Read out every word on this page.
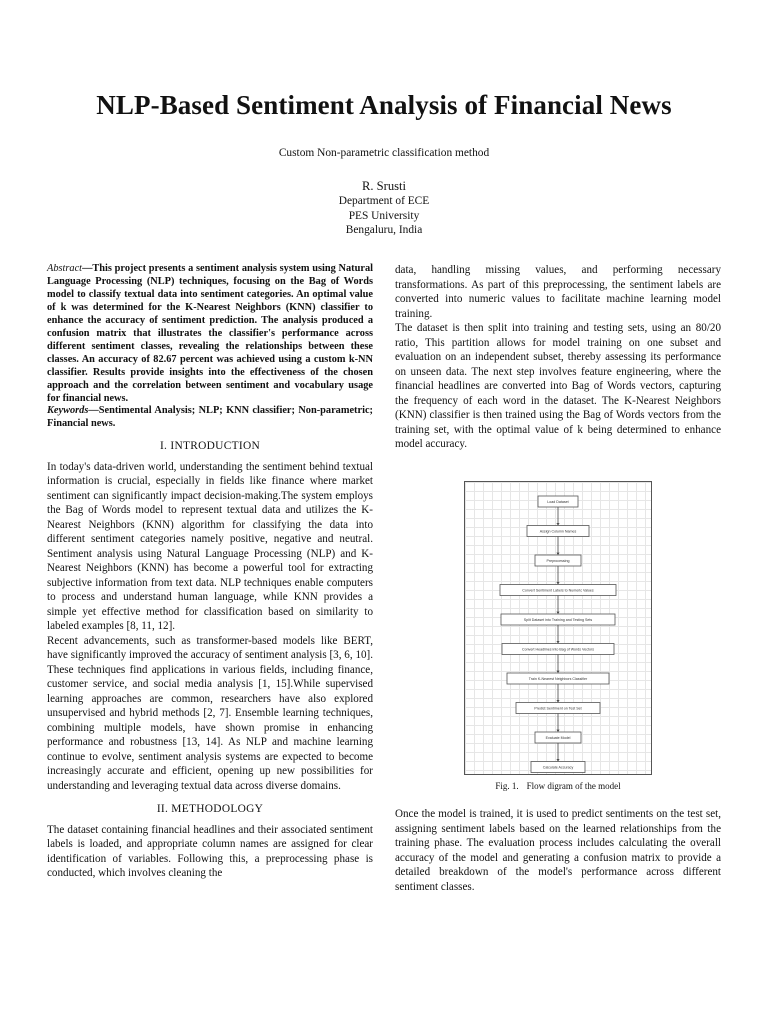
NLP-Based Sentiment Analysis of Financial News
Custom Non-parametric classification method
R. Srusti
Department of ECE
PES University
Bengaluru, India

Abstract—This project presents a sentiment analysis system using Natural Language Processing (NLP) techniques, focusing on the Bag of Words model to classify textual data into sentiment categories. An optimal value of k was determined for the K-Nearest Neighbors (KNN) classifier to enhance the accuracy of sentiment prediction. The analysis produced a confusion matrix that illustrates the classifier's performance across different sentiment classes, revealing the relationships between these classes. An accuracy of 82.67 percent was achieved using a custom k-NN classifier. Results provide insights into the effectiveness of the chosen approach and the correlation between sentiment and vocabulary usage for financial news.

Keywords—Sentimental Analysis; NLP; KNN classifier; Non-parametric; Financial news.

I. INTRODUCTION

In today's data-driven world, understanding the sentiment behind textual information is crucial, especially in fields like finance where market sentiment can significantly impact decision-making.The system employs the Bag of Words model to represent textual data and utilizes the K-Nearest Neighbors (KNN) algorithm for classifying the data into different sentiment categories namely positive, negative and neutral. Sentiment analysis using Natural Language Processing (NLP) and K-Nearest Neighbors (KNN) has become a powerful tool for extracting subjective information from text data. NLP techniques enable computers to process and understand human language, while KNN provides a simple yet effective method for classification based on similarity to labeled examples [8, 11, 12].

Recent advancements, such as transformer-based models like BERT, have significantly improved the accuracy of sentiment analysis [3, 6, 10]. These techniques find applications in various fields, including finance, customer service, and social media analysis [1, 15].While supervised learning approaches are common, researchers have also explored unsupervised and hybrid methods [2, 7]. Ensemble learning techniques, combining multiple models, have shown promise in enhancing performance and robustness [13, 14]. As NLP and machine learning continue to evolve, sentiment analysis systems are expected to become increasingly accurate and efficient, opening up new possibilities for understanding and leveraging textual data across diverse domains.

II. METHODOLOGY

The dataset containing financial headlines and their associated sentiment labels is loaded, and appropriate column names are assigned for clear identification of variables. Following this, a preprocessing phase is conducted, which involves cleaning the

data, handling missing values, and performing necessary transformations. As part of this preprocessing, the sentiment labels are converted into numeric values to facilitate machine learning model training.

The dataset is then split into training and testing sets, using an 80/20 ratio, This partition allows for model training on one subset and evaluation on an independent subset, thereby assessing its performance on unseen data. The next step involves feature engineering, where the financial headlines are converted into Bag of Words vectors, capturing the frequency of each word in the dataset. The K-Nearest Neighbors (KNN) classifier is then trained using the Bag of Words vectors from the training set, with the optimal value of k being determined to enhance model accuracy.

Load Dataset
Assign Column Names
Preprocessing
Convert Sentiment Labels to Numeric Values
Split Dataset into Training and Testing Sets
Convert Headlines into Bag of Words Vectors
Train K-Nearest Neighbors Classifier
Predict Sentiment on Test Set
Evaluate Model
Calculate Accuracy

Fig. 1. Flow digram of the model

Once the model is trained, it is used to predict sentiments on the test set, assigning sentiment labels based on the learned relationships from the training phase. The evaluation process includes calculating the overall accuracy of the model and generating a confusion matrix to provide a detailed breakdown of the model's performance across different sentiment classes.
